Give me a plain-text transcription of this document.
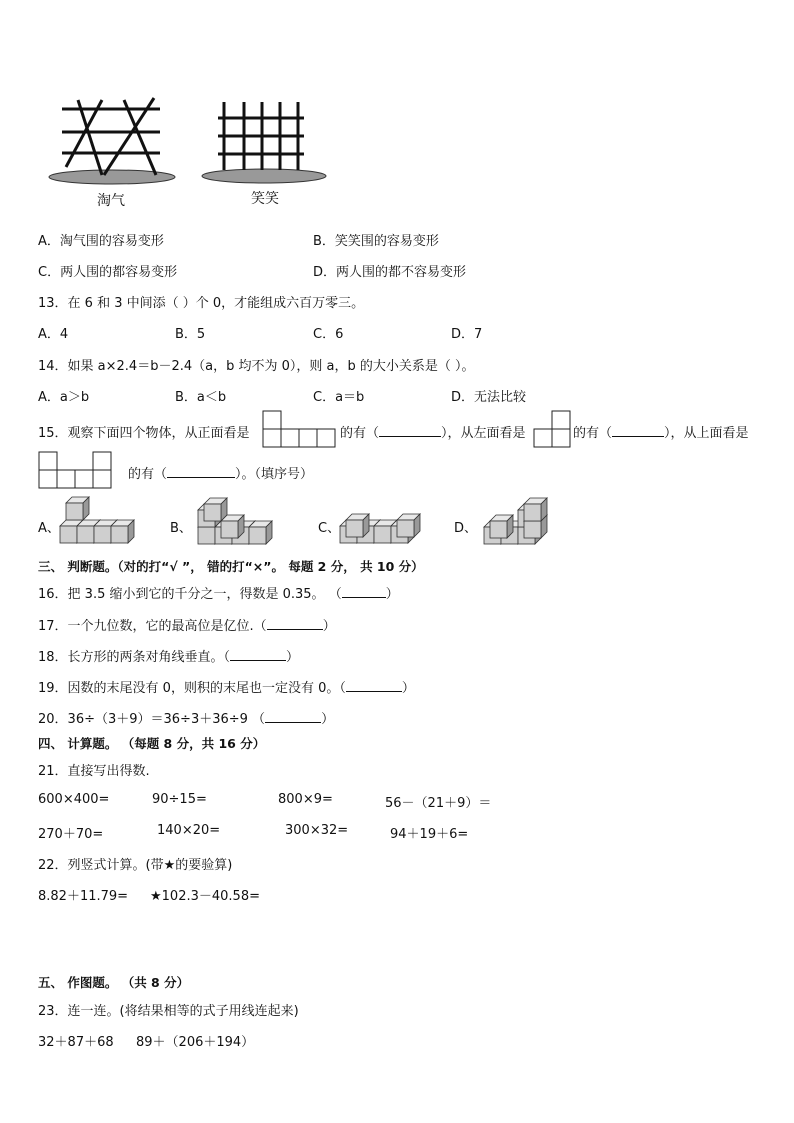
淘气	笑笑
A．淘气围的容易变形	B．笑笑围的容易变形
C．两人围的都容易变形	D．两人围的都不容易变形
13．在 6 和 3 中间添（ ）个 0，才能组成六百万零三。
A．4	B．5	C．6	D．7
14．如果 a×2.4＝b－2.4（a，b 均不为 0），则 a，b 的大小关系是（ ）。
A．a＞b	B．a＜b	C．a＝b	D．无法比较
15．观察下面四个物体，从正面看是	的有（	），从左面看是	的有（	），从上面看是
的有（	）。（填序号）
A、	B、	C、	D、
三、 判断题。（对的打“√ ”， 错的打“×”。 每题 2 分， 共 10 分）
16．把 3.5 缩小到它的千分之一，得数是 0.35。 （	）
17．一个九位数，它的最高位是亿位.（	）
18．长方形的两条对角线垂直。（	）
19．因数的末尾没有 0，则积的末尾也一定没有 0。（	）
20．36÷（3＋9）＝36÷3＋36÷9 （	）
四、 计算题。 （每题 8 分，共 16 分）
21．直接写出得数.
600×400=	90÷15=	800×9=	56－（21＋9）＝
270＋70=	140×20=	300×32=	94＋19＋6=
22．列竖式计算。(带★的要验算)
8.82＋11.79= ★102.3－40.58=
五、 作图题。 （共 8 分）
23．连一连。(将结果相等的式子用线连起来)
32＋87＋68 89＋（206＋194）
